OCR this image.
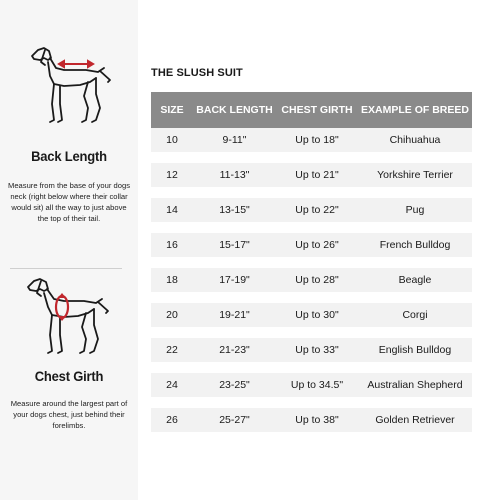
Back Length
Measure from the base of your dogs neck (right below where their collar would sit) all the way to just above the top of their tail.
Chest Girth
Measure around the largest part of your dogs chest, just behind their forelimbs.
THE SLUSH SUIT
SIZE	BACK LENGTH	CHEST GIRTH	EXAMPLE OF BREED
10	9-11"	Up to 18"	Chihuahua

12	11-13"	Up to 21"	Yorkshire Terrier

14	13-15"	Up to 22"	Pug

16	15-17"	Up to 26"	French Bulldog

18	17-19"	Up to 28"	Beagle

20	19-21"	Up to 30"	Corgi

22	21-23"	Up to 33"	English Bulldog

24	23-25"	Up to 34.5"	Australian Shepherd

26	25-27"	Up to 38"	Golden Retriever
